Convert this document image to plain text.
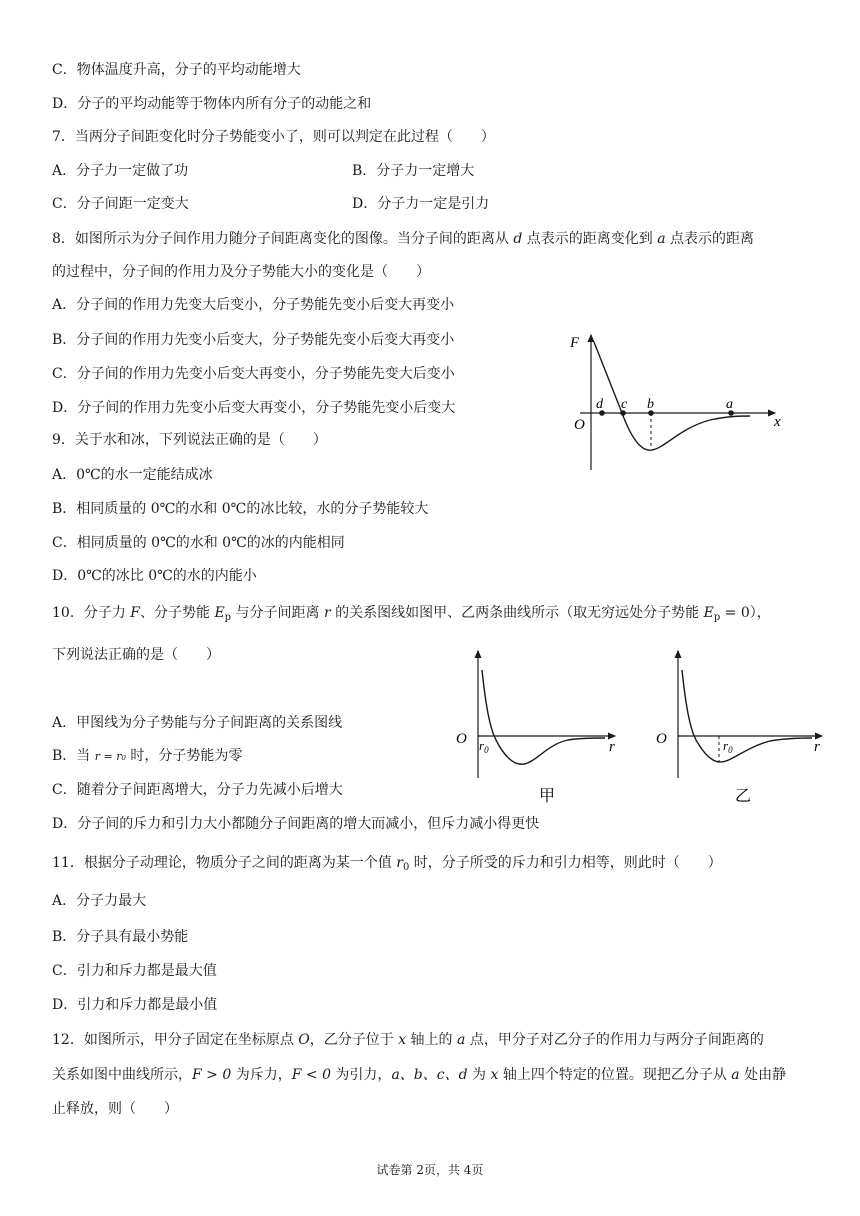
C．物体温度升高，分子的平均动能增大
D．分子的平均动能等于物体内所有分子的动能之和
7．当两分子间距变化时分子势能变小了，则可以判定在此过程（　　）
A．分子力一定做了功	B．分子力一定增大
C．分子间距一定变大	D．分子力一定是引力
8．如图所示为分子间作用力随分子间距离变化的图像。当分子间的距离从 d 点表示的距离变化到 a 点表示的距离
的过程中，分子间的作用力及分子势能大小的变化是（　　）
A．分子间的作用力先变大后变小，分子势能先变小后变大再变小
B．分子间的作用力先变小后变大，分子势能先变小后变大再变小
C．分子间的作用力先变小后变大再变小，分子势能先变大后变小
D．分子间的作用力先变小后变大再变小，分子势能先变小后变大
F
x
O
d c b	a
9．关于水和冰，下列说法正确的是（　　）
A．0℃的水一定能结成冰
B．相同质量的 0℃的水和 0℃的冰比较，水的分子势能较大
C．相同质量的 0℃的水和 0℃的冰的内能相同
D．0℃的冰比 0℃的水的内能小
10．分子力 F、分子势能 $E_p$ 与分子间距离 r 的关系图线如图甲、乙两条曲线所示（取无穷远处分子势能 $E_p = 0$），
下列说法正确的是（　　）
A．甲图线为分子势能与分子间距离的关系图线
B．当 r = r₀ 时，分子势能为零
C．随着分子间距离增大，分子力先减小后增大
D．分子间的斥力和引力大小都随分子间距离的增大而减小，但斥力减小得更快
O $r_0$	r
甲
O	$r_0$	r
乙
11．根据分子动理论，物质分子之间的距离为某一个值 $r_0$ 时，分子所受的斥力和引力相等，则此时（　　）
A．分子力最大
B．分子具有最小势能
C．引力和斥力都是最大值
D．引力和斥力都是最小值
12．如图所示，甲分子固定在坐标原点 O，乙分子位于 x 轴上的 a 点，甲分子对乙分子的作用力与两分子间距离的
关系如图中曲线所示，F > 0 为斥力，F < 0 为引力，a、b、c、d 为 x 轴上四个特定的位置。现把乙分子从 a 处由静
止释放，则（　　）
试卷第 2页，共 4页
